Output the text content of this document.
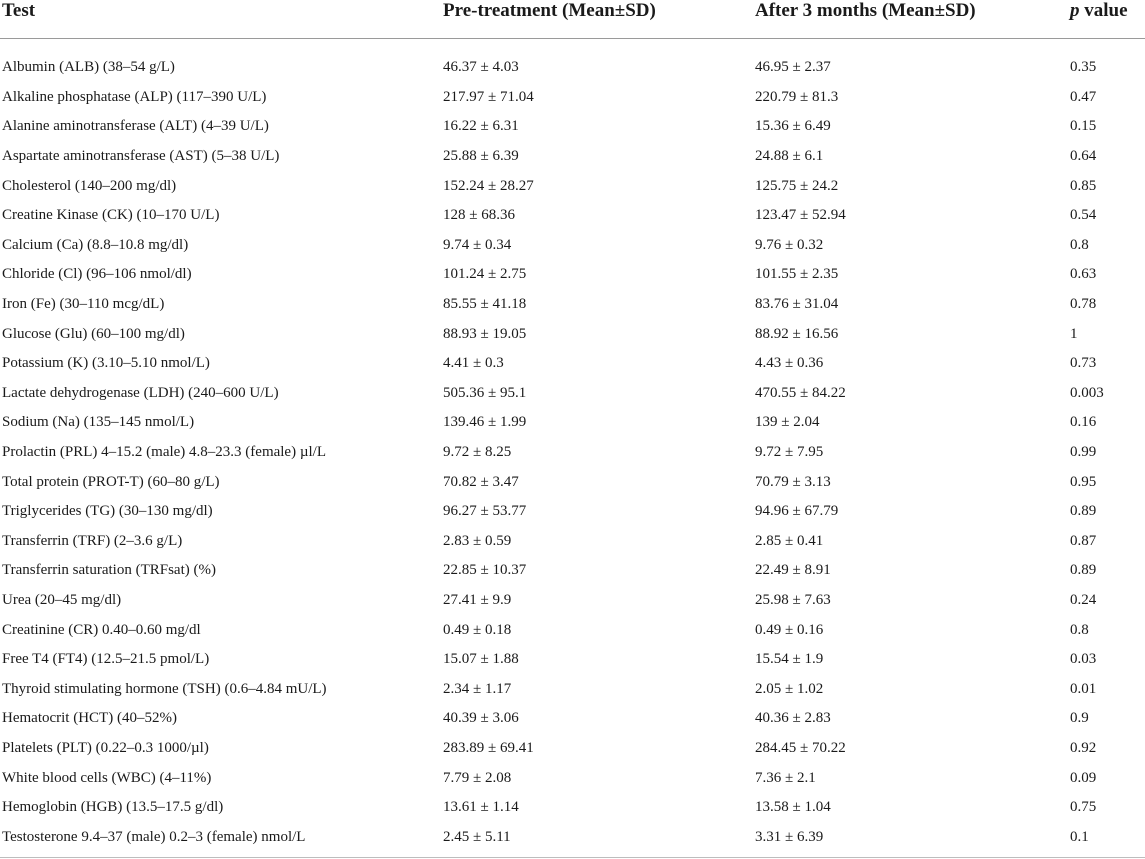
Test	Pre-treatment (Mean±SD)	After 3 months (Mean±SD)	p value
Albumin (ALB) (38–54 g/L)	46.37 ± 4.03	46.95 ± 2.37	0.35
Alkaline phosphatase (ALP) (117–390 U/L)	217.97 ± 71.04	220.79 ± 81.3	0.47
Alanine aminotransferase (ALT) (4–39 U/L)	16.22 ± 6.31	15.36 ± 6.49	0.15
Aspartate aminotransferase (AST) (5–38 U/L)	25.88 ± 6.39	24.88 ± 6.1	0.64
Cholesterol (140–200 mg/dl)	152.24 ± 28.27	125.75 ± 24.2	0.85
Creatine Kinase (CK) (10–170 U/L)	128 ± 68.36	123.47 ± 52.94	0.54
Calcium (Ca) (8.8–10.8 mg/dl)	9.74 ± 0.34	9.76 ± 0.32	0.8
Chloride (Cl) (96–106 nmol/dl)	101.24 ± 2.75	101.55 ± 2.35	0.63
Iron (Fe) (30–110 mcg/dL)	85.55 ± 41.18	83.76 ± 31.04	0.78
Glucose (Glu) (60–100 mg/dl)	88.93 ± 19.05	88.92 ± 16.56	1
Potassium (K) (3.10–5.10 nmol/L)	4.41 ± 0.3	4.43 ± 0.36	0.73
Lactate dehydrogenase (LDH) (240–600 U/L)	505.36 ± 95.1	470.55 ± 84.22	0.003
Sodium (Na) (135–145 nmol/L)	139.46 ± 1.99	139 ± 2.04	0.16
Prolactin (PRL) 4–15.2 (male) 4.8–23.3 (female) µl/L	9.72 ± 8.25	9.72 ± 7.95	0.99
Total protein (PROT-T) (60–80 g/L)	70.82 ± 3.47	70.79 ± 3.13	0.95
Triglycerides (TG) (30–130 mg/dl)	96.27 ± 53.77	94.96 ± 67.79	0.89
Transferrin (TRF) (2–3.6 g/L)	2.83 ± 0.59	2.85 ± 0.41	0.87
Transferrin saturation (TRFsat) (%)	22.85 ± 10.37	22.49 ± 8.91	0.89
Urea (20–45 mg/dl)	27.41 ± 9.9	25.98 ± 7.63	0.24
Creatinine (CR) 0.40–0.60 mg/dl	0.49 ± 0.18	0.49 ± 0.16	0.8
Free T4 (FT4) (12.5–21.5 pmol/L)	15.07 ± 1.88	15.54 ± 1.9	0.03
Thyroid stimulating hormone (TSH) (0.6–4.84 mU/L)	2.34 ± 1.17	2.05 ± 1.02	0.01
Hematocrit (HCT) (40–52%)	40.39 ± 3.06	40.36 ± 2.83	0.9
Platelets (PLT) (0.22–0.3 1000/µl)	283.89 ± 69.41	284.45 ± 70.22	0.92
White blood cells (WBC) (4–11%)	7.79 ± 2.08	7.36 ± 2.1	0.09
Hemoglobin (HGB) (13.5–17.5 g/dl)	13.61 ± 1.14	13.58 ± 1.04	0.75
Testosterone 9.4–37 (male) 0.2–3 (female) nmol/L	2.45 ± 5.11	3.31 ± 6.39	0.1
